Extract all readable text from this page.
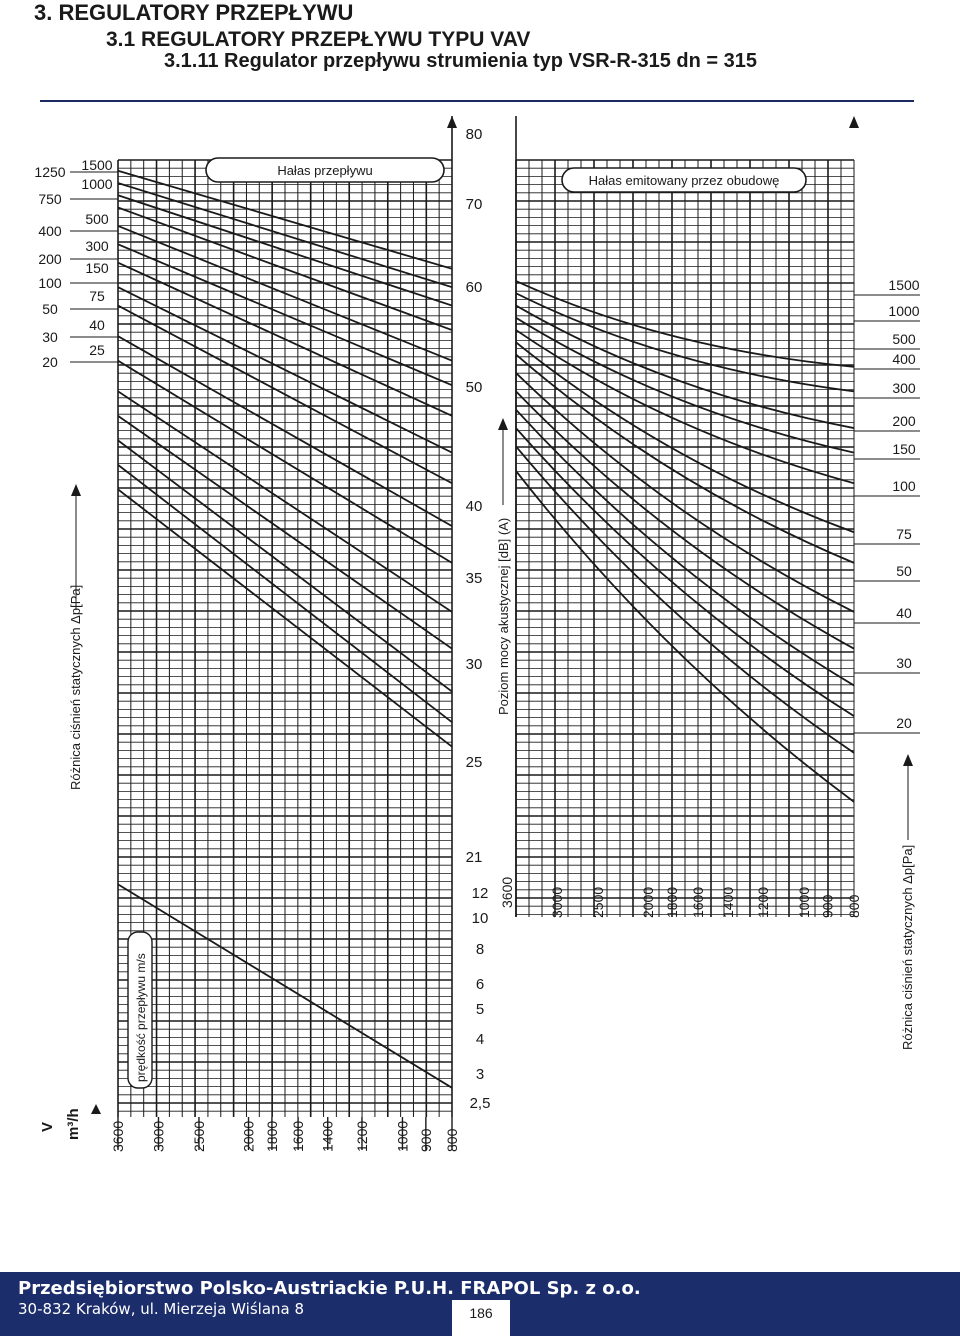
3. REGULATORY PRZEPŁYWU
3.1 REGULATORY PRZEPŁYWU TYPU VAV
3.1.11 Regulator przepływu strumienia typ VSR-R-315 dn = 315
Hałas przepływu
Hałas emitowany przez obudowę
1250
750
400
200
100
50
30
20
1500
1000
500
300
150
75
40
25
Różnica ciśnień statycznych Δp[Pa]
80
70
60
50
40
35
30
25
21
Poziom mocy akustycznej [dB] (A)
12
10
8
6
5
4
3
2,5
prędkość przepływu m/s
3600 3000 2500 2000 1800 1600 1400 1200 1000 900 800
V m³/h
3600 3000 2500 2000 1800 1600 1400 1200 1000 900 800
1500
1000
500
400
300
200
150
100
75
50
40
30
20
Różnica ciśnień statycznych Δp[Pa]
Przedsiębiorstwo Polsko-Austriackie P.U.H. FRAPOL Sp. z o.o.
30-832 Kraków, ul. Mierzeja Wiślana 8	186
